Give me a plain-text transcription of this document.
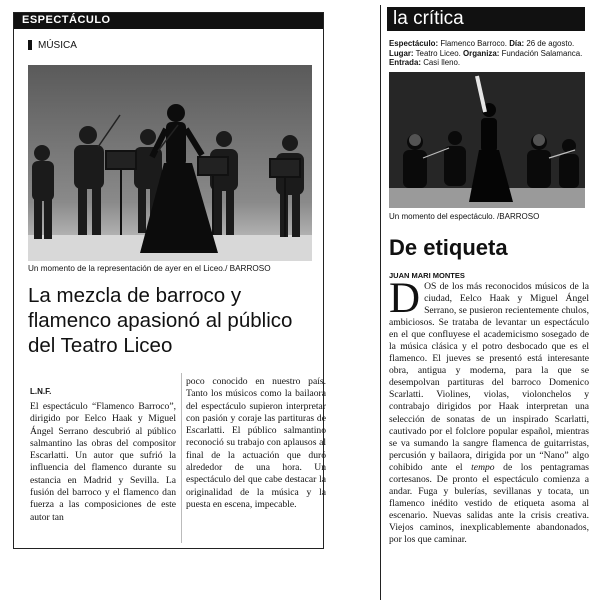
ESPECTÁCULO
MÚSICA
Un momento de la representación de ayer en el Liceo./ BARROSO
La mezcla de barroco y flamenco apasionó al público del Teatro Liceo
L.N.F.
El espectáculo “Flamenco Barroco”, dirigido por Eelco Haak y Miguel Ángel Serrano descubrió al público salmantino las obras del compositor Escarlatti. Un autor que sufrió la influencia del flamenco durante su estancia en Madrid y Sevilla. La fusión del barroco y el flamenco dan fuerza a las composiciones de este autor tan
poco conocido en nuestro país. Tanto los músicos como la bailaora del espectáculo supieron interpretar con pasión y coraje las partituras de Escarlatti. El público salmantino reconoció su trabajo con aplausos al final de la actuación que duró alrededor de una hora. Un espectáculo del que cabe destacar la originalidad de la música y la puesta en escena, impecable.
la crítica
Espectáculo: Flamenco Barroco. Día: 26 de agosto.
Lugar: Teatro Liceo. Organiza: Fundación Salamanca.
Entrada: Casi lleno.
Un momento del espectáculo. /BARROSO
De etiqueta
JUAN MARI MONTES
DOS de los más reconocidos músicos de la ciudad, Eelco Haak y Miguel Ángel Serrano, se pusieron recientemente chulos, ambiciosos. Se trataba de levantar un espectáculo en el que confluyese el academicismo sosegado de la música clásica y el potro desbocado que es el flamenco. El jueves se presentó está interesante obra, antigua y moderna, para la que se desempolvan partituras del barroco Domenico Scarlatti. Violines, violas, violonchelos y contrabajo dirigidos por Haak interpretan una selección de sonatas de un inspirado Scarlatti, cautivado por el folclore popular español, mientras se va sumando la sangre flamenca de guitarristas, percusión y bailaora, dirigida por un “Nano” algo cohibido ante el tempo de los pentagramas cortesanos. De pronto el espectáculo comienza a andar. Fuga y bulerías, sevillanas y tocata, un flamenco inédito vestido de etiqueta asoma al escenario. Nuevas salidas ante la crisis creativa. Viejos caminos, inexplicablemente abandonados, por los que caminar.
